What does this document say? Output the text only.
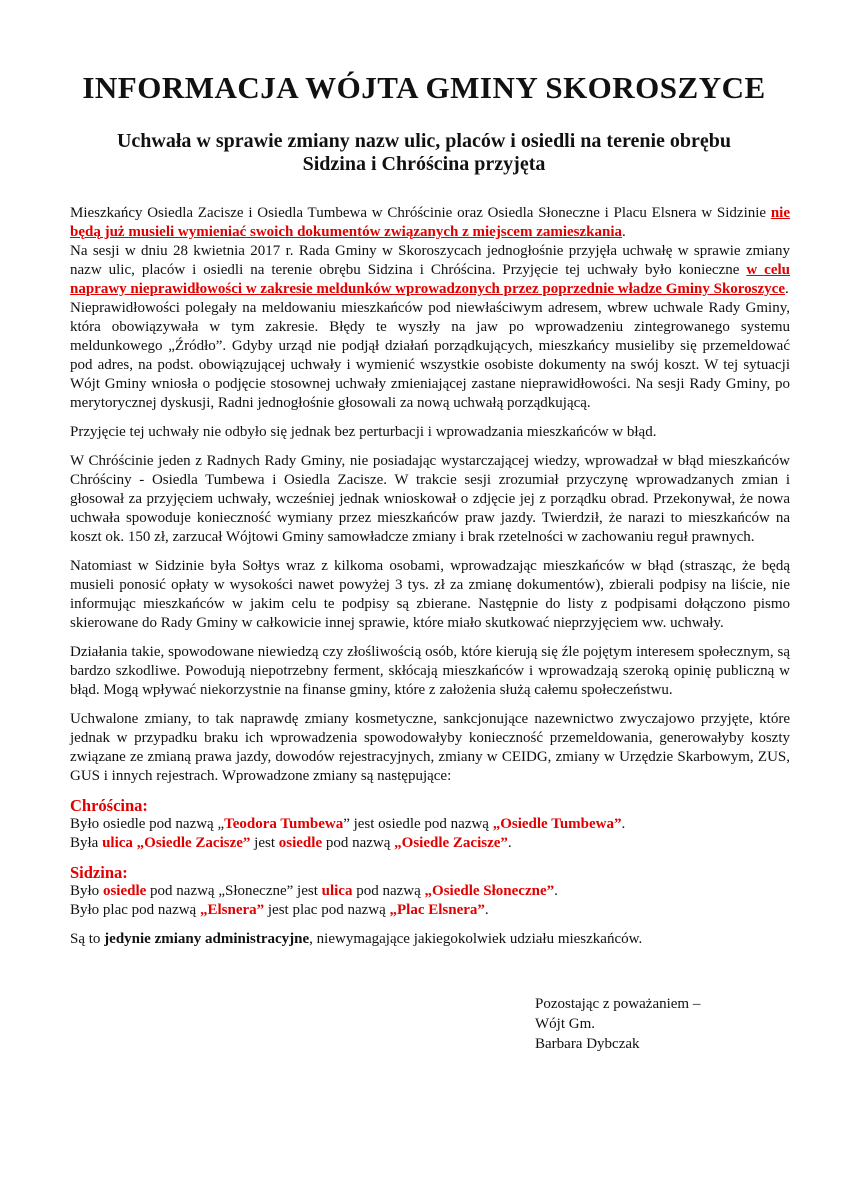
INFORMACJA WÓJTA GMINY SKOROSZYCE
Uchwała w sprawie zmiany nazw ulic, placów i osiedli na terenie obrębu
Sidzina i Chróścina przyjęta

Mieszkańcy Osiedla Zacisze i Osiedla Tumbewa w Chróścinie oraz Osiedla Słoneczne i Placu Elsnera w Sidzinie nie będą już musieli wymieniać swoich dokumentów związanych z miejscem zamieszkania.

Na sesji w dniu 28 kwietnia 2017 r. Rada Gminy w Skoroszycach jednogłośnie przyjęła uchwałę w sprawie zmiany nazw ulic, placów i osiedli na terenie obrębu Sidzina i Chróścina. Przyjęcie tej uchwały było konieczne w celu naprawy nieprawidłowości w zakresie meldunków wprowadzonych przez poprzednie władze Gminy Skoroszyce.

Nieprawidłowości polegały na meldowaniu mieszkańców pod niewłaściwym adresem, wbrew uchwale Rady Gminy, która obowiązywała w tym zakresie. Błędy te wyszły na jaw po wprowadzeniu zintegrowanego systemu meldunkowego „Źródło”. Gdyby urząd nie podjął działań porządkujących, mieszkańcy musieliby się przemeldować pod adres, na podst. obowiązującej uchwały i wymienić wszystkie osobiste dokumenty na swój koszt. W tej sytuacji Wójt Gminy wniosła o podjęcie stosownej uchwały zmieniającej zastane nieprawidłowości. Na sesji Rady Gminy, po merytorycznej dyskusji, Radni jednogłośnie głosowali za nową uchwałą porządkującą.

Przyjęcie tej uchwały nie odbyło się jednak bez perturbacji i wprowadzania mieszkańców w błąd.

W Chróścinie jeden z Radnych Rady Gminy, nie posiadając wystarczającej wiedzy, wprowadzał w błąd mieszkańców Chróściny - Osiedla Tumbewa i Osiedla Zacisze. W trakcie sesji zrozumiał przyczynę wprowadzanych zmian i głosował za przyjęciem uchwały, wcześniej jednak wnioskował o zdjęcie jej z porządku obrad. Przekonywał, że nowa uchwała spowoduje konieczność wymiany przez mieszkańców praw jazdy. Twierdził, że narazi to mieszkańców na koszt ok. 150 zł, zarzucał Wójtowi Gminy samowładcze zmiany i brak rzetelności w zachowaniu reguł prawnych.

Natomiast w Sidzinie była Sołtys wraz z kilkoma osobami, wprowadzając mieszkańców w błąd (strasząc, że będą musieli ponosić opłaty w wysokości nawet powyżej 3 tys. zł za zmianę dokumentów), zbierali podpisy na liście, nie informując mieszkańców w jakim celu te podpisy są zbierane. Następnie do listy z podpisami dołączono pismo skierowane do Rady Gminy w całkowicie innej sprawie, które miało skutkować nieprzyjęciem ww. uchwały.

Działania takie, spowodowane niewiedzą czy złośliwością osób, które kierują się źle pojętym interesem społecznym, są bardzo szkodliwe. Powodują niepotrzebny ferment, skłócają mieszkańców i wprowadzają szeroką opinię publiczną w błąd. Mogą wpływać niekorzystnie na finanse gminy, które z założenia służą całemu społeczeństwu.

Uchwalone zmiany, to tak naprawdę zmiany kosmetyczne, sankcjonujące nazewnictwo zwyczajowo przyjęte, które jednak w przypadku braku ich wprowadzenia spowodowałyby konieczność przemeldowania, generowałyby koszty związane ze zmianą prawa jazdy, dowodów rejestracyjnych, zmiany w CEIDG, zmiany w Urzędzie Skarbowym, ZUS, GUS i innych rejestrach. Wprowadzone zmiany są następujące:

Chróścina:

Było osiedle pod nazwą „Teodora Tumbewa” jest osiedle pod nazwą „Osiedle Tumbewa”.

Była ulica „Osiedle Zacisze” jest osiedle pod nazwą „Osiedle Zacisze”.

Sidzina:

Było osiedle pod nazwą „Słoneczne” jest ulica pod nazwą „Osiedle Słoneczne”.

Było plac pod nazwą „Elsnera” jest plac pod nazwą „Plac Elsnera”.

Są to jedynie zmiany administracyjne, niewymagające jakiegokolwiek udziału mieszkańców.

Pozostając z poważaniem –

Wójt Gm.

Barbara Dybczak
